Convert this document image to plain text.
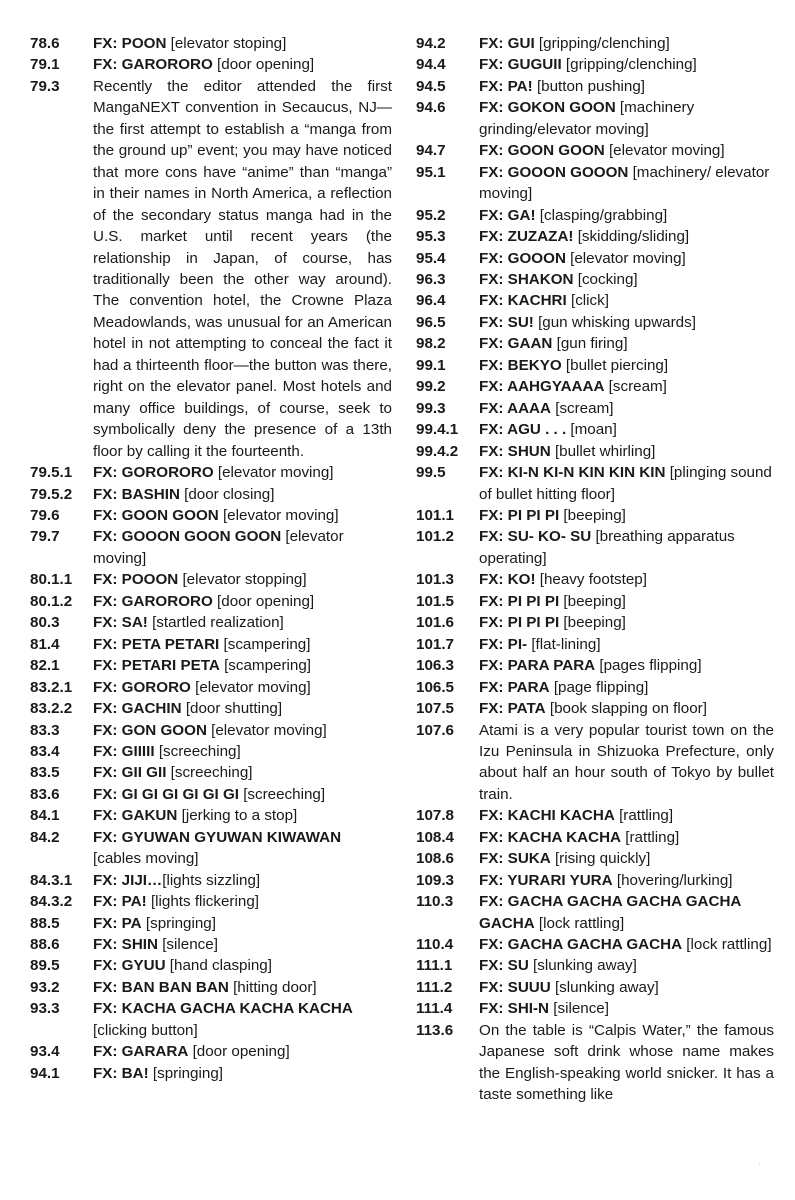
78.6	FX: POON [elevator stoping]
79.1	FX: GARORORO [door opening]
79.3	Recently the editor attended the first MangaNEXT convention in Secaucus, NJ—the first attempt to establish a “manga from the ground up” event; you may have noticed that more cons have “anime” than “manga” in their names in North America, a reflection of the secondary status manga had in the U.S. market until recent years (the relationship in Japan, of course, has traditionally been the other way around). The convention hotel, the Crowne Plaza Meadowlands, was unusual for an American hotel in not attempting to conceal the fact it had a thirteenth floor—the button was there, right on the elevator panel. Most hotels and many office buildings, of course, seek to symbolically deny the presence of a 13th floor by calling it the fourteenth.
79.5.1	FX: GORORORO [elevator moving]
79.5.2	FX: BASHIN [door closing]
79.6	FX: GOON GOON [elevator moving]
79.7	FX: GOOON GOON GOON [elevator moving]
80.1.1	FX: POOON [elevator stopping]
80.1.2	FX: GARORORO [door opening]
80.3	FX: SA! [startled realization]
81.4	FX: PETA PETARI [scampering]
82.1	FX: PETARI PETA [scampering]
83.2.1	FX: GORORO [elevator moving]
83.2.2	FX: GACHIN [door shutting]
83.3	FX: GON GOON [elevator moving]
83.4	FX: GIIIII [screeching]
83.5	FX: GII GII [screeching]
83.6	FX: GI GI GI GI GI GI [screeching]
84.1	FX: GAKUN [jerking to a stop]
84.2	FX: GYUWAN GYUWAN KIWAWAN [cables moving]
84.3.1	FX: JIJI…[lights sizzling]
84.3.2	FX: PA! [lights flickering]
88.5	FX: PA [springing]
88.6	FX: SHIN [silence]
89.5	FX: GYUU [hand clasping]
93.2	FX: BAN BAN BAN [hitting door]
93.3	FX: KACHA GACHA KACHA KACHA [clicking button]
93.4	FX: GARARA [door opening]
94.1	FX: BA! [springing]
94.2	FX: GUI [gripping/clenching]
94.4	FX: GUGUII [gripping/clenching]
94.5	FX: PA! [button pushing]
94.6	FX: GOKON GOON [machinery grinding/elevator moving]
94.7	FX: GOON GOON [elevator moving]
95.1	FX: GOOON GOOON [machinery/ elevator moving]
95.2	FX: GA! [clasping/grabbing]
95.3	FX: ZUZAZA! [skidding/sliding]
95.4	FX: GOOON [elevator moving]
96.3	FX: SHAKON [cocking]
96.4	FX: KACHRI [click]
96.5	FX: SU! [gun whisking upwards]
98.2	FX: GAAN [gun firing]
99.1	FX: BEKYO [bullet piercing]
99.2	FX: AAHGYAAAA [scream]
99.3	FX: AAAA [scream]
99.4.1	FX: AGU . . . [moan]
99.4.2	FX: SHUN [bullet whirling]
99.5	FX: KI-N KI-N KIN KIN KIN [plinging sound of bullet hitting floor]
101.1	FX: PI PI PI [beeping]
101.2	FX: SU- KO- SU [breathing apparatus operating]
101.3	FX: KO! [heavy footstep]
101.5	FX: PI PI PI [beeping]
101.6	FX: PI PI PI [beeping]
101.7	FX: PI- [flat-lining]
106.3	FX: PARA PARA [pages flipping]
106.5	FX: PARA [page flipping]
107.5	FX: PATA [book slapping on floor]
107.6	Atami is a very popular tourist town on the Izu Peninsula in Shizuoka Prefecture, only about half an hour south of Tokyo by bullet train.
107.8	FX: KACHI KACHA [rattling]
108.4	FX: KACHA KACHA [rattling]
108.6	FX: SUKA [rising quickly]
109.3	FX: YURARI YURA [hovering/lurking]
110.3	FX: GACHA GACHA GACHA GACHA GACHA [lock rattling]
110.4	FX: GACHA GACHA GACHA [lock rattling]
111.1	FX: SU [slunking away]
111.2	FX: SUUU [slunking away]
111.4	FX: SHI-N [silence]
113.6	On the table is “Calpis Water,” the famous Japanese soft drink whose name makes the English-speaking world snicker. It has a taste something like
'
